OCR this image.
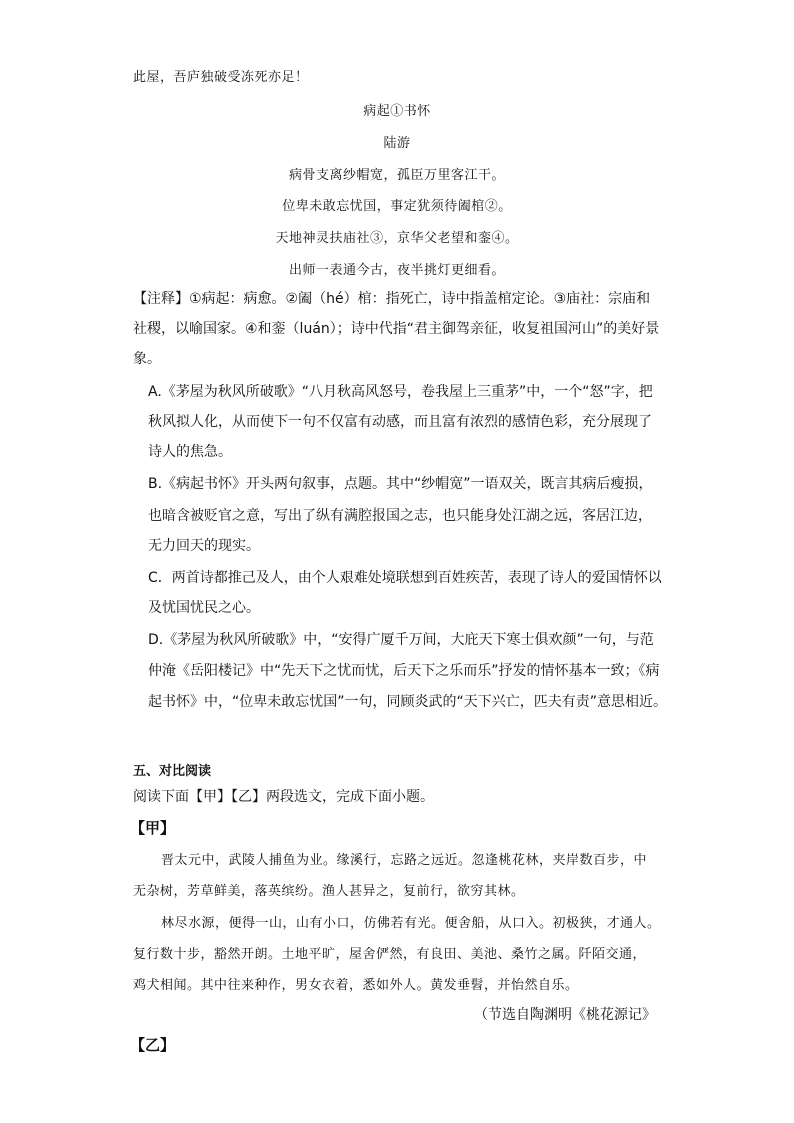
此屋，吾庐独破受冻死亦足！
病起①书怀
陆游
病骨支离纱帽宽，孤臣万里客江干。
位卑未敢忘忧国，事定犹须待阖棺②。
天地神灵扶庙社③，京华父老望和銮④。
出师一表通今古，夜半挑灯更细看。
【注释】①病起：病愈。②阖（hé）棺：指死亡，诗中指盖棺定论。③庙社：宗庙和
社稷，以喻国家。④和銮（luán）；诗中代指“君主御驾亲征，收复祖国河山”的美好景
象。
A.《茅屋为秋风所破歌》“八月秋高风怒号，卷我屋上三重茅”中，一个“怒”字，把
秋风拟人化，从而使下一句不仅富有动感，而且富有浓烈的感情色彩，充分展现了
诗人的焦急。
B.《病起书怀》开头两句叙事，点题。其中“纱帽宽”一语双关，既言其病后瘦损，
也暗含被贬官之意，写出了纵有满腔报国之志，也只能身处江湖之远，客居江边，
无力回天的现实。
C．两首诗都推己及人，由个人艰难处境联想到百姓疾苦，表现了诗人的爱国情怀以
及忧国忧民之心。
D.《茅屋为秋风所破歌》中，“安得广厦千万间，大庇天下寒士俱欢颜”一句，与范
仲淹《岳阳楼记》中“先天下之忧而忧，后天下之乐而乐”抒发的情怀基本一致；《病
起书怀》中，“位卑未敢忘忧国”一句，同顾炎武的“天下兴亡，匹夫有责”意思相近。
五、对比阅读
阅读下面【甲】【乙】两段选文，完成下面小题。
【甲】
晋太元中，武陵人捕鱼为业。缘溪行，忘路之远近。忽逢桃花林，夹岸数百步，中
无杂树，芳草鲜美，落英缤纷。渔人甚异之，复前行，欲穷其林。
林尽水源，便得一山，山有小口，仿佛若有光。便舍船，从口入。初极狭，才通人。
复行数十步，豁然开朗。土地平旷，屋舍俨然，有良田、美池、桑竹之属。阡陌交通，
鸡犬相闻。其中往来种作，男女衣着，悉如外人。黄发垂髫，并怡然自乐。
（节选自陶渊明《桃花源记》
【乙】
